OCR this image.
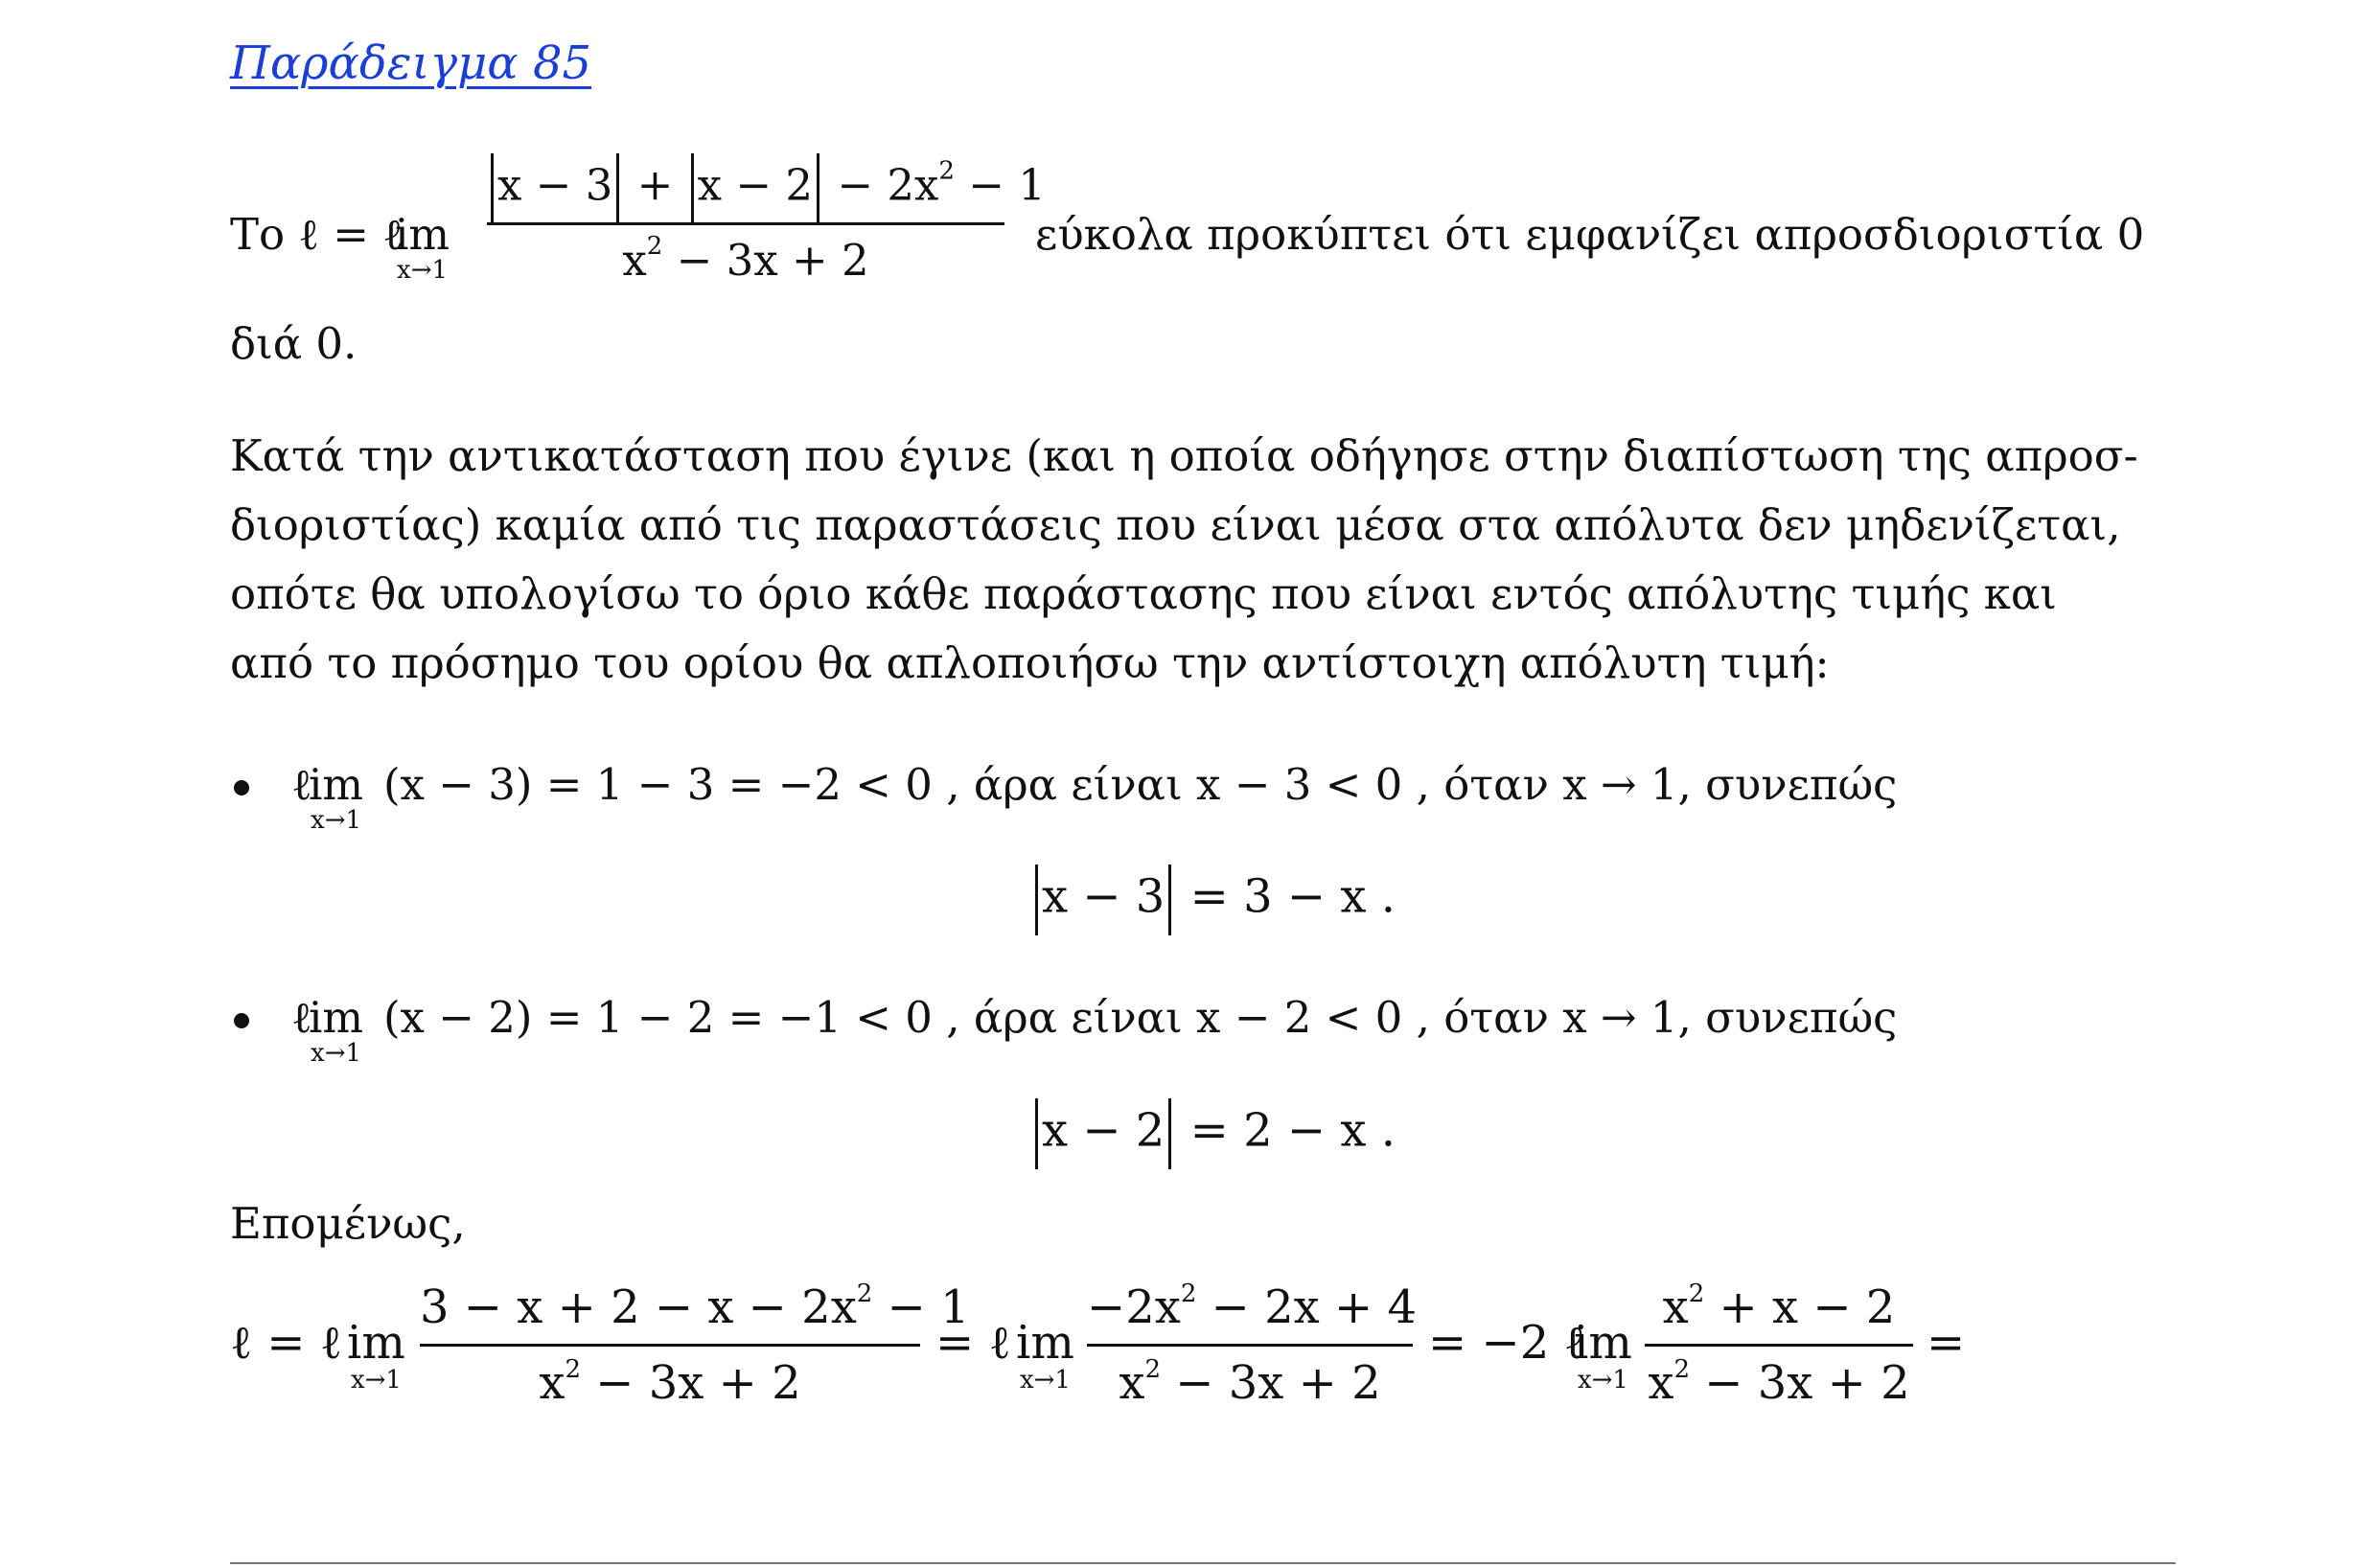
Παράδειγμα 85
Το ℓ = ℓ
im
x→1
$x - 3 + x - 2 - 2x^2 - 1$
$x^2 - 3x + 2$
εύκολα προκύπτει ότι εμφανίζει απροσδιοριστία 0
διά 0.
Κατά την αντικατάσταση που έγινε (και η οποία οδήγησε στην διαπίστωση της απροσ-
διοριστίας) καμία από τις παραστάσεις που είναι μέσα στα απόλυτα δεν μηδενίζεται,
οπότε θα υπολογίσω το όριο κάθε παράστασης που είναι εντός απόλυτης τιμής και
από το πρόσημο του ορίου θα απλοποιήσω την αντίστοιχη απόλυτη τιμή:
ℓ
im
x→1
(x − 3) = 1 − 3 = −2 < 0 , άρα είναι x − 3 < 0 , όταν x → 1, συνεπώς
x − 3 = 3 − x .
ℓ
im
x→1
(x − 2) = 1 − 2 = −1 < 0 , άρα είναι x − 2 < 0 , όταν x → 1, συνεπώς
x − 2 = 2 − x .
Επομένως,
ℓ = ℓ im
x→1
$3 - x + 2 - x - 2x^2 - 1$
$x^2 - 3x + 2$
= ℓ im
x→1
$-2x^2 - 2x + 4$
$x^2 - 3x + 2$
= −2 ℓ
im
x→1
$x^2 + x - 2$
$x^2 - 3x + 2$
=
